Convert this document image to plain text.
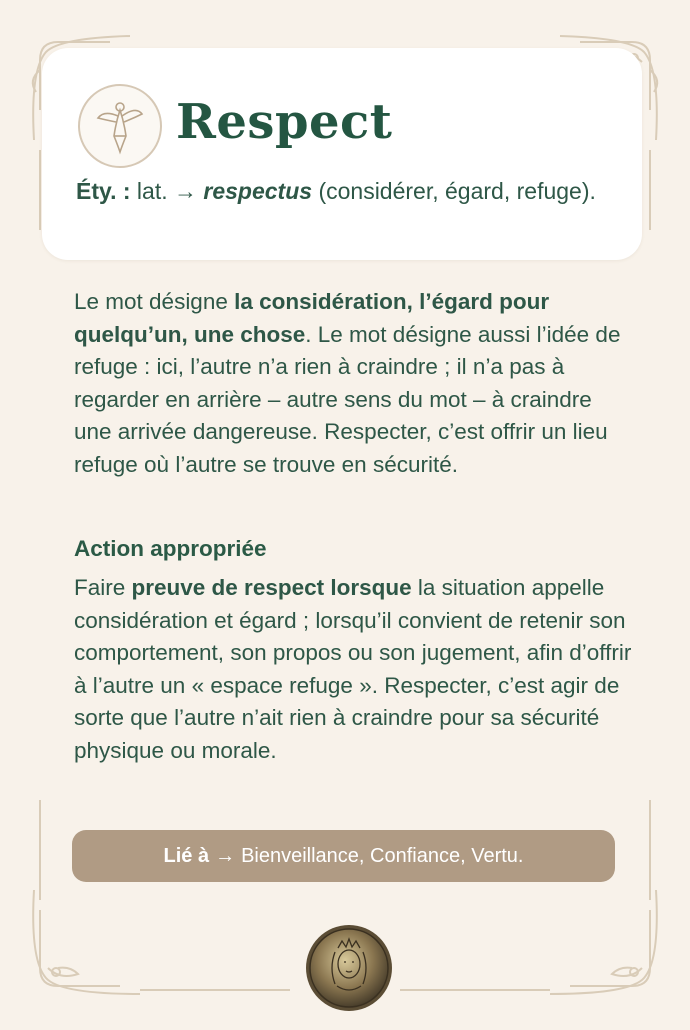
Respect
Éty. : lat. → respectus (considérer, égard, refuge).
Le mot désigne la considération, l’égard pour quelqu’un, une chose. Le mot désigne aussi l’idée de refuge : ici, l’autre n’a rien à craindre ; il n’a pas à regarder en arrière – autre sens du mot – à craindre une arrivée dangereuse. Respecter, c’est offrir un lieu refuge où l’autre se trouve en sécurité.
Action appropriée
Faire preuve de respect lorsque la situation appelle considération et égard ; lorsqu’il convient de retenir son comportement, son propos ou son jugement, afin d’offrir à l’autre un « espace refuge ». Respecter, c’est agir de sorte que l’autre n’ait rien à craindre pour sa sécurité physique ou morale.
Lié à → Bienveillance, Confiance, Vertu.
